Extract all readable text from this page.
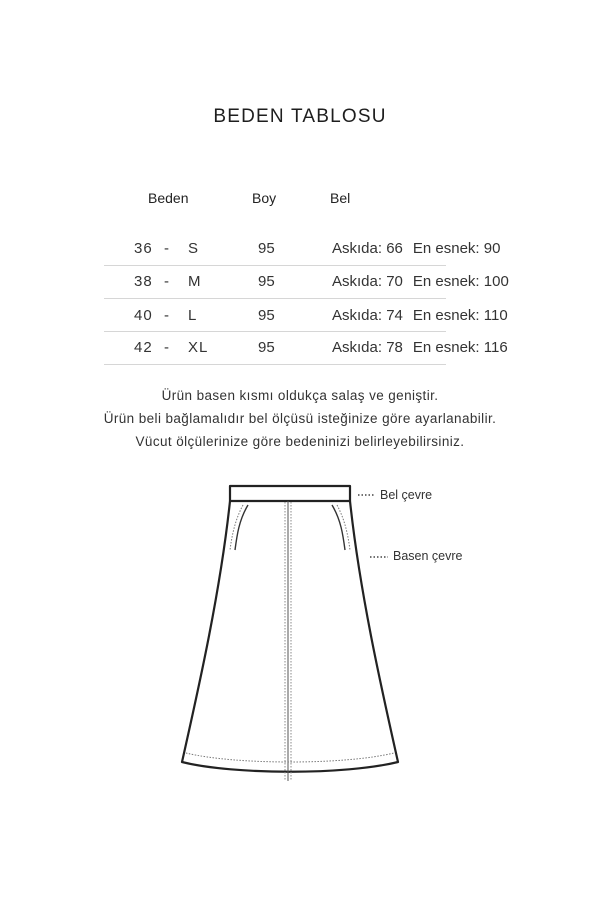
BEDEN TABLOSU
Beden	Boy	Bel
36 - S	95	Askıda: 66 En esnek: 90
38 - M	95	Askıda: 70 En esnek: 100
40 - L	95	Askıda: 74 En esnek: 110
42 - XL	95	Askıda: 78 En esnek: 116
Ürün basen kısmı oldukça salaş ve geniştir.
Ürün beli bağlamalıdır bel ölçüsü isteğinize göre ayarlanabilir.
Vücut ölçülerinize göre bedeninizi belirleyebilirsiniz.
Bel çevre
Basen çevre
